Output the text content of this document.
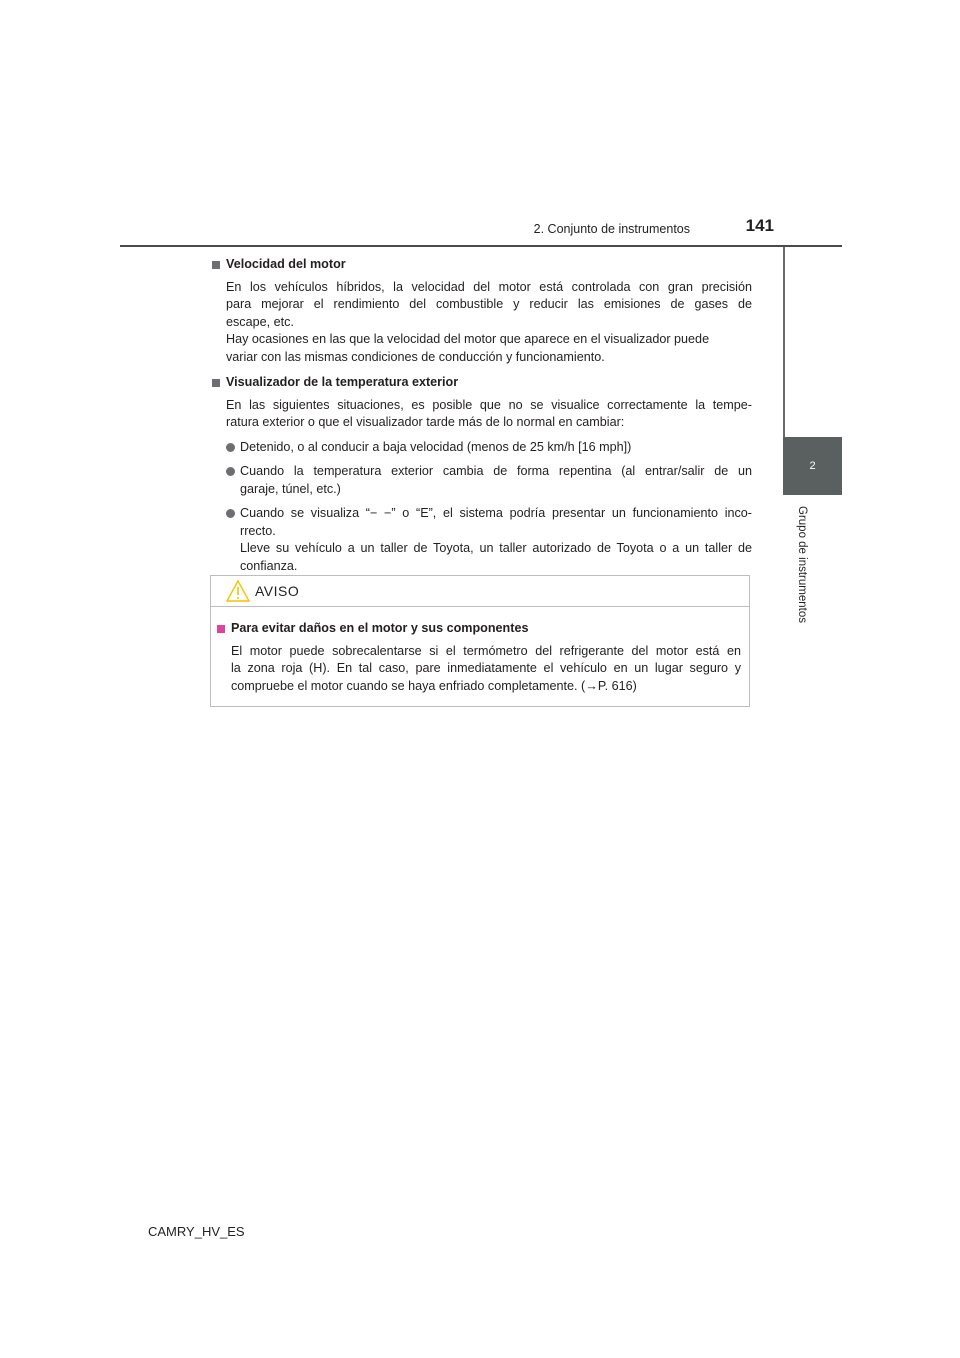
2. Conjunto de instrumentos	141
2
Grupo de instrumentos
Velocidad del motor
En los vehículos híbridos, la velocidad del motor está controlada con gran precisión
para mejorar el rendimiento del combustible y reducir las emisiones de gases de
escape, etc.
Hay ocasiones en las que la velocidad del motor que aparece en el visualizador puede
variar con las mismas condiciones de conducción y funcionamiento.
Visualizador de la temperatura exterior
En las siguientes situaciones, es posible que no se visualice correctamente la tempe-
ratura exterior o que el visualizador tarde más de lo normal en cambiar:
Detenido, o al conducir a baja velocidad (menos de 25 km/h [16 mph])
Cuando la temperatura exterior cambia de forma repentina (al entrar/salir de un
garaje, túnel, etc.)
Cuando se visualiza “− −” o “E”, el sistema podría presentar un funcionamiento inco-
rrecto.
Lleve su vehículo a un taller de Toyota, un taller autorizado de Toyota o a un taller de
confianza.
AVISO
Para evitar daños en el motor y sus componentes
El motor puede sobrecalentarse si el termómetro del refrigerante del motor está en
la zona roja (H). En tal caso, pare inmediatamente el vehículo en un lugar seguro y
compruebe el motor cuando se haya enfriado completamente. (→P. 616)
CAMRY_HV_ES
